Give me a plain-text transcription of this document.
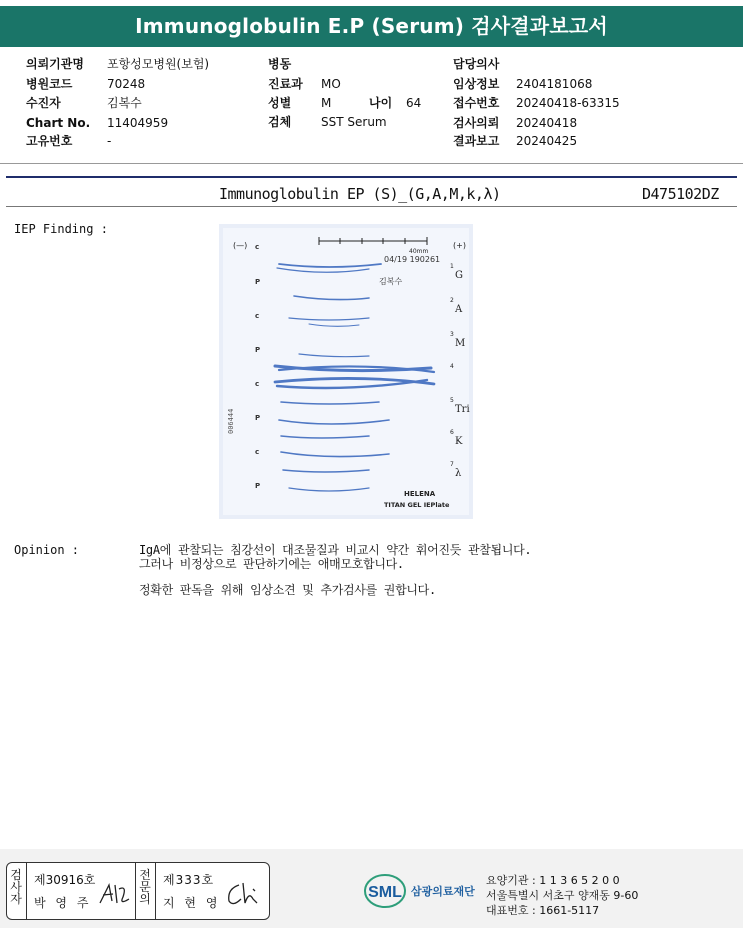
Immunoglobulin E.P (Serum) 검사결과보고서
의뢰기관명 포항성모병원(보험)
병원코드	70248
수진자	김복수
Chart No. 11404959
고유번호	-
병동
진료과 MO
성별 M	나이 64
검체 SST Serum
담당의사
임상정보 2404181068
접수번호 20240418-63315
검사의뢰 20240418
결과보고 20240425
Immunoglobulin EP (S)_(G,A,M,k,λ)	D475102DZ
IEP Finding :
(—)	(+)
40mm
04/19 190261
김복수
006444
HELENA
TITAN GEL IEPlate
1
G
2
A
3
M
4
5
Tri
6
K
7
λ
c
P
c
P
c
P
c
P
Opinion :	IgA에 관찰되는 침강선이 대조물질과 비교시 약간 휘어진듯 관찰됩니다.
그러나 비정상으로 판단하기에는 애매모호합니다.
정확한 판독을 위해 임상소견 및 추가검사를 권합니다.
검
사
자
제30916호
박 영 주
전
문
의
제333호
지 현 영
SML 삼광의료재단
요양기관 : 1 1 3 6 5 2 0 0
서울특별시 서초구 양재동 9-60
대표번호 : 1661-5117
